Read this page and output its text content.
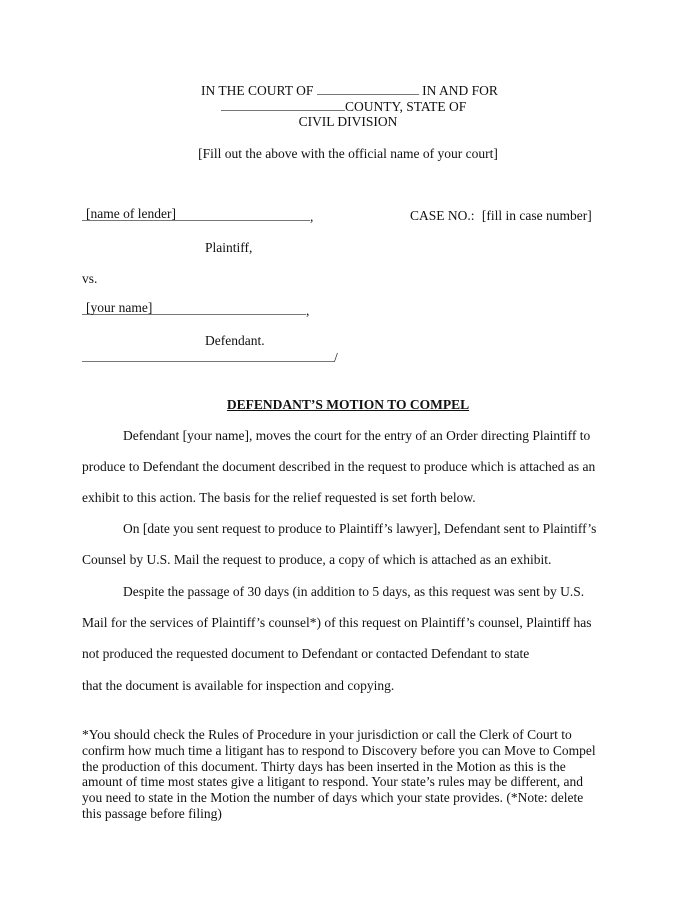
IN THE COURT OF	IN AND FOR
COUNTY, STATE OF
CIVIL DIVISION
[Fill out the above with the official name of your court]
[name of lender]	,	CASE NO.: [fill in case number]
Plaintiff,
vs.
[your name]	,
Defendant.
/
DEFENDANT’S MOTION TO COMPEL
Defendant [your name], moves the court for the entry of an Order directing Plaintiff to
produce to Defendant the document described in the request to produce which is attached as an
exhibit to this action. The basis for the relief requested is set forth below.
On [date you sent request to produce to Plaintiff’s lawyer], Defendant sent to Plaintiff’s
Counsel by U.S. Mail the request to produce, a copy of which is attached as an exhibit.
Despite the passage of 30 days (in addition to 5 days, as this request was sent by U.S.
Mail for the services of Plaintiff’s counsel*) of this request on Plaintiff’s counsel, Plaintiff has
not produced the requested document to Defendant or contacted Defendant to state
that the document is available for inspection and copying.
*You should check the Rules of Procedure in your jurisdiction or call the Clerk of Court to
confirm how much time a litigant has to respond to Discovery before you can Move to Compel
the production of this document. Thirty days has been inserted in the Motion as this is the
amount of time most states give a litigant to respond. Your state’s rules may be different, and
you need to state in the Motion the number of days which your state provides. (*Note: delete
this passage before filing)
